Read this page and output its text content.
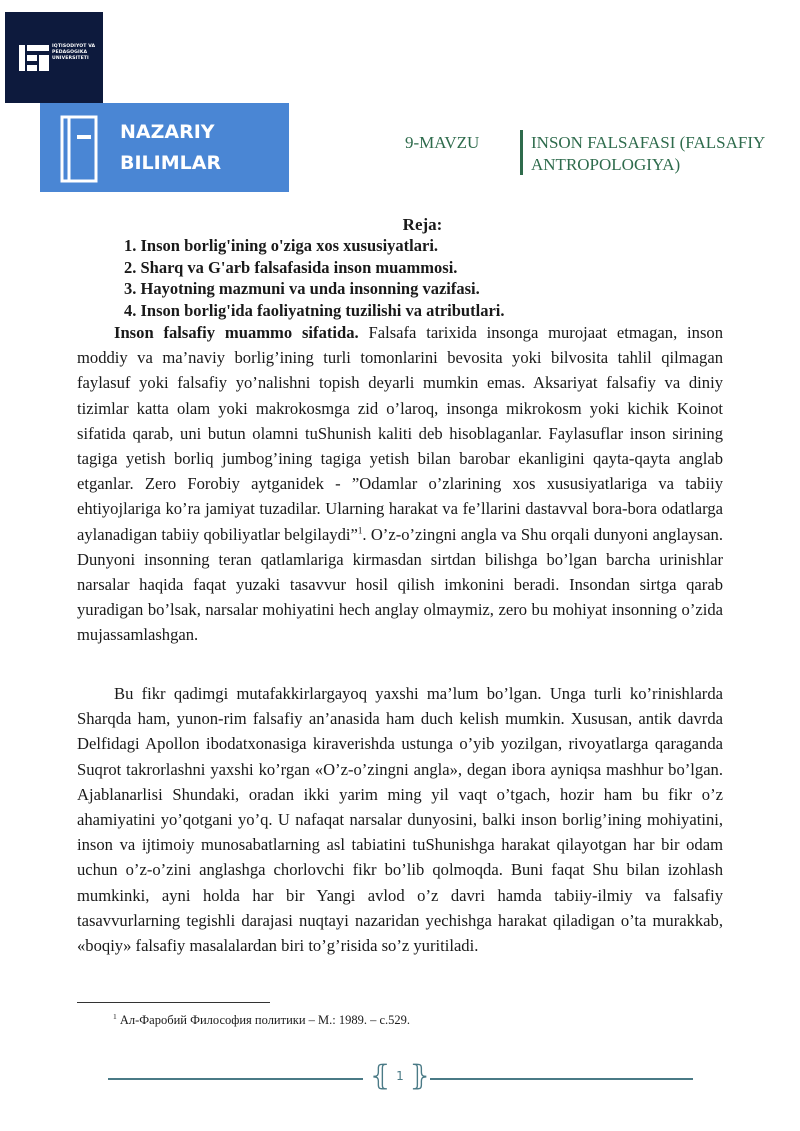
IQTISODIYOT VA
PEDAGOGIKA
UNIVERSITETI
NAZARIY
BILIMLAR
9-MAVZU	INSON FALSAFASI (FALSAFIY
ANTROPOLOGIYA)
Reja:
1. Inson borlig'ining o'ziga xos xususiyatlari.
2. Sharq va G'arb falsafasida inson muammosi.
3. Hayotning mazmuni va unda insonning vazifasi.
4. Inson borlig'ida faoliyatning tuzilishi va atributlari.

Inson falsafiy muammo sifatida. Falsafa tarixida insonga murojaat etmagan, inson moddiy va ma’naviy borlig’ining turli tomonlarini bevosita yoki bilvosita tahlil qilmagan faylasuf yoki falsafiy yo’nalishni topish deyarli mumkin emas. Aksariyat falsafiy va diniy tizimlar katta olam yoki makrokosmga zid o’laroq, insonga mikrokosm yoki kichik Koinot sifatida qarab, uni butun olamni tuShunish kaliti deb hisoblaganlar. Faylasuflar inson sirining tagiga yetish borliq jumbog’ining tagiga yetish bilan barobar ekanligini qayta-qayta anglab etganlar. Zero Forobiy aytganidek - ”Odamlar o’zlarining xos xususiyatlariga va tabiiy ehtiyojlariga ko’ra jamiyat tuzadilar. Ularning harakat va fe’llarini dastavval bora-bora odatlarga aylanadigan tabiiy qobiliyatlar belgilaydi”$^1$. O’z-o’zingni angla va Shu orqali dunyoni anglaysan. Dunyoni insonning teran qatlamlariga kirmasdan sirtdan bilishga bo’lgan barcha urinishlar narsalar haqida faqat yuzaki tasavvur hosil qilish imkonini beradi. Insondan sirtga qarab yuradigan bo’lsak, narsalar mohiyatini hech anglay olmaymiz, zero bu mohiyat insonning o’zida mujassamlashgan.

Bu fikr qadimgi mutafakkirlargayoq yaxshi ma’lum bo’lgan. Unga turli ko’rinishlarda Sharqda ham, yunon-rim falsafiy an’anasida ham duch kelish mumkin. Xususan, antik davrda Delfidagi Apollon ibodatxonasiga kiraverishda ustunga o’yib yozilgan, rivoyatlarga qaraganda Suqrot takrorlashni yaxshi ko’rgan «O’z-o’zingni angla», degan ibora ayniqsa mashhur bo’lgan. Ajablanarlisi Shundaki, oradan ikki yarim ming yil vaqt o’tgach, hozir ham bu fikr o’z ahamiyatini yo’qotgani yo’q. U nafaqat narsalar dunyosini, balki inson borlig’ining mohiyatini, inson va ijtimoiy munosabatlarning asl tabiatini tuShunishga harakat qilayotgan har bir odam uchun o’z-o’zini anglashga chorlovchi fikr bo’lib qolmoqda. Buni faqat Shu bilan izohlash mumkinki, ayni holda har bir Yangi avlod o’z davri hamda tabiiy-ilmiy va falsafiy tasavvurlarning tegishli darajasi nuqtayi nazaridan yechishga harakat qiladigan o’ta murakkab, «boqiy» falsafiy masalalardan biri to’g’risida so’z yuritiladi.

$^1$ Ал-Фаробий Философия политики – М.: 1989. – с.529.
⦃ 1 ⦄
